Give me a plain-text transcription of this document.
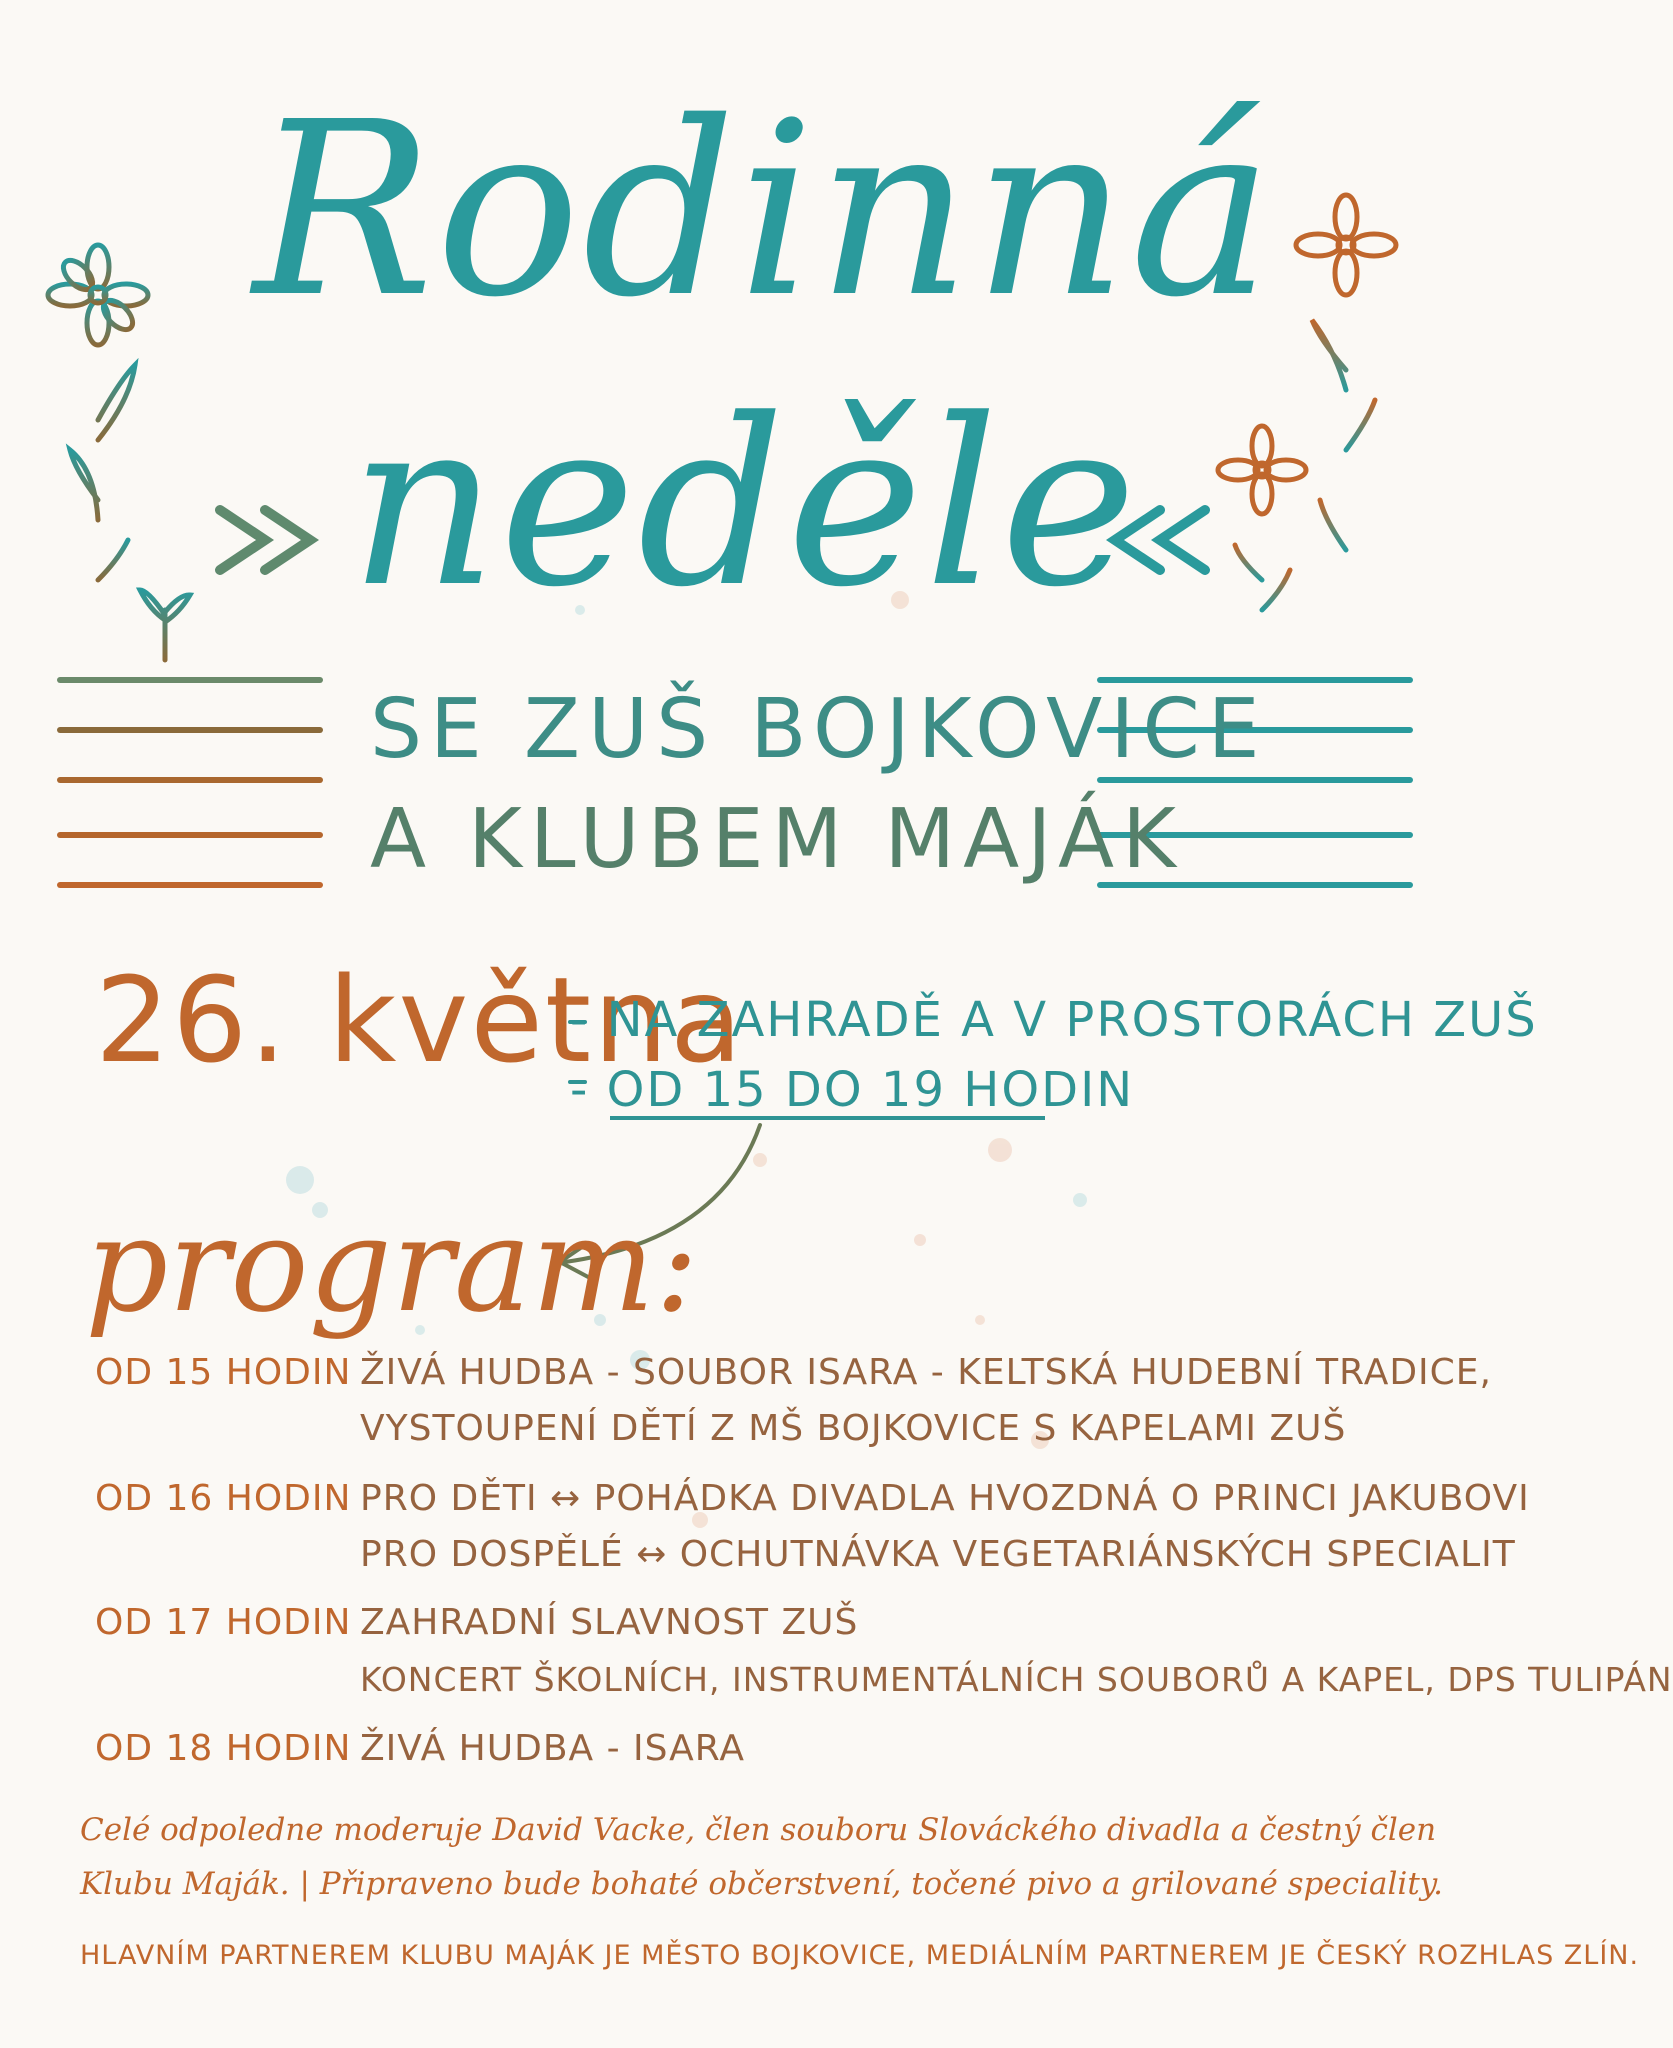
Rodinná
neděle
SE ZUŠ BOJKOVICE
A KLUBEM MAJÁK
26. května
- NA ZAHRADĚ A V PROSTORÁCH ZUŠ
- OD 15 DO 19 HODIN
program:
OD 15 HODIN ŽIVÁ HUDBA - SOUBOR ISARA - KELTSKÁ HUDEBNÍ TRADICE,
VYSTOUPENÍ DĚTÍ Z MŠ BOJKOVICE S KAPELAMI ZUŠ
OD 16 HODIN PRO DĚTI ↔ POHÁDKA DIVADLA HVOZDNÁ O PRINCI JAKUBOVI
PRO DOSPĚLÉ ↔ OCHUTNÁVKA VEGETARIÁNSKÝCH SPECIALIT
OD 17 HODIN ZAHRADNÍ SLAVNOST ZUŠ
KONCERT ŠKOLNÍCH, INSTRUMENTÁLNÍCH SOUBORŮ A KAPEL, DPS TULIPÁN
OD 18 HODIN ŽIVÁ HUDBA - ISARA
Celé odpoledne moderuje David Vacke, člen souboru Slováckého divadla a čestný člen
Klubu Maják. | Připraveno bude bohaté občerstvení, točené pivo a grilované speciality.
HLAVNÍM PARTNEREM KLUBU MAJÁK JE MĚSTO BOJKOVICE, MEDIÁLNÍM PARTNEREM JE ČESKÝ ROZHLAS ZLÍN.
